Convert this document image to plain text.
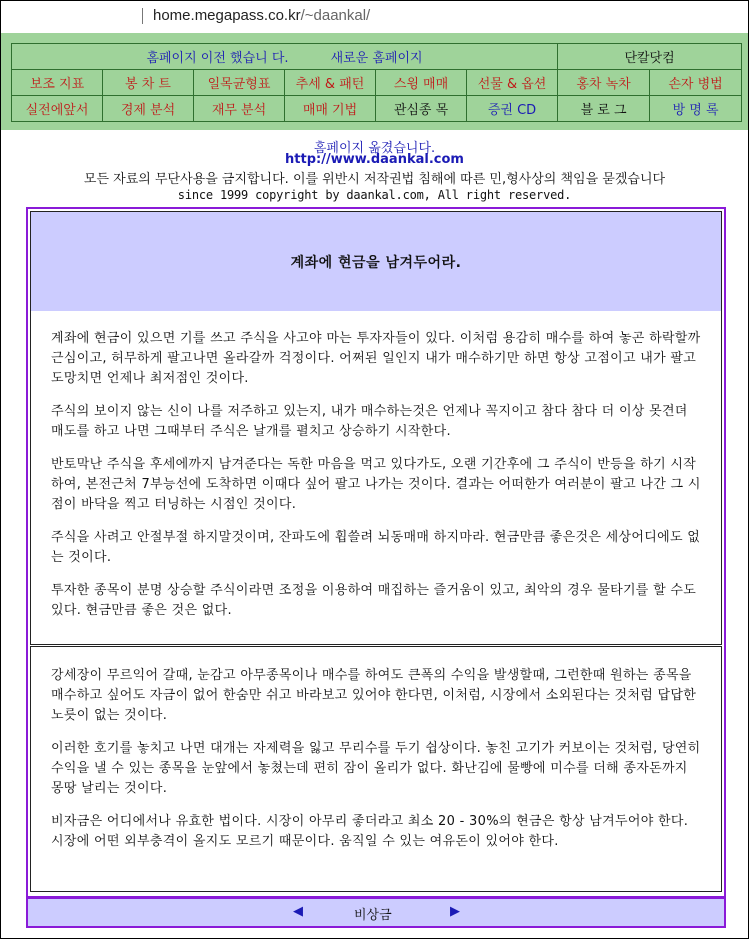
home.megapass.co.kr/~daankal/
홈페이지 이전 했습니 다. 새로운 홈페이지						단칼닷컴	
보조 지표	봉 차 트	일목균형표	추세 & 패턴	스윙 매매	선물 & 옵션	홍차 녹차	손자 병법
실전에앞서	경제 분석	재무 분석	매매 기법	관심종 목	증권 CD	블 로 그	방 명 록
홈페이지 옮겼습니다.
http://www.daankal.com
모든 자료의 무단사용을 금지합니다. 이를 위반시 저작권법 침해에 따른 민,형사상의 책임을 묻겠습니다
since 1999 copyright by daankal.com, All right reserved.
계좌에 현금을 남겨두어라.

계좌에 현금이 있으면 기를 쓰고 주식을 사고야 마는 투자자들이 있다. 이처럼 용감히 매수를 하여 놓곤 하락할까 근심이고, 허무하게 팔고나면 올라갈까 걱정이다. 어쩌된 일인지 내가 매수하기만 하면 항상 고점이고 내가 팔고 도망치면 언제나 최저점인 것이다.

주식의 보이지 않는 신이 나를 저주하고 있는지, 내가 매수하는것은 언제나 꼭지이고 참다 참다 더 이상 못견뎌 매도를 하고 나면 그때부터 주식은 날개를 펼치고 상승하기 시작한다.

반토막난 주식을 후세에까지 남겨준다는 독한 마음을 먹고 있다가도, 오랜 기간후에 그 주식이 반등을 하기 시작하여, 본전근처 7부능선에 도착하면 이때다 싶어 팔고 나가는 것이다. 결과는 어떠한가 여러분이 팔고 나간 그 시점이 바닥을 찍고 터닝하는 시점인 것이다.

주식을 사려고 안절부절 하지말것이며, 잔파도에 휩쓸려 뇌동매매 하지마라. 현금만큼 좋은것은 세상어디에도 없는 것이다.

투자한 종목이 분명 상승할 주식이라면 조정을 이용하여 매집하는 즐거움이 있고, 최악의 경우 물타기를 할 수도 있다. 현금만큼 좋은 것은 없다.

강세장이 무르익어 갈때, 눈감고 아무종목이나 매수를 하여도 큰폭의 수익을 발생할때, 그런한때 원하는 종목을 매수하고 싶어도 자금이 없어 한숨만 쉬고 바라보고 있어야 한다면, 이처럼, 시장에서 소외된다는 것처럼 답답한 노릇이 없는 것이다.

이러한 호기를 놓치고 나면 대개는 자제력을 잃고 무리수를 두기 쉽상이다. 놓친 고기가 커보이는 것처럼, 당연히 수익을 낼 수 있는 종목을 눈앞에서 놓쳤는데 편히 잠이 올리가 없다. 화난김에 물빵에 미수를 더해 종자돈까지 몽땅 날리는 것이다.

비자금은 어디에서나 유효한 법이다. 시장이 아무리 좋더라고 최소 20 - 30%의 현금은 항상 남겨두어야 한다. 시장에 어떤 외부충격이 올지도 모르기 때문이다. 움직일 수 있는 여유돈이 있어야 한다.

◀	비상금	▶
